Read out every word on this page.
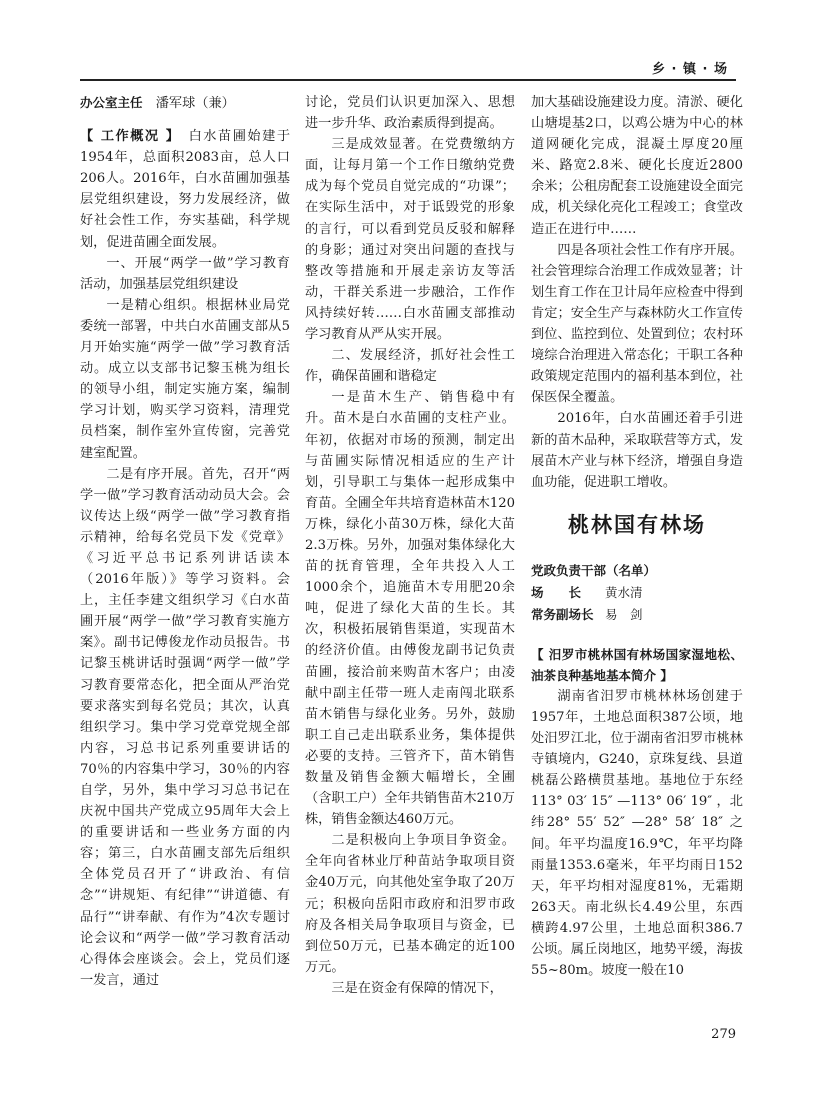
乡 · 镇 · 场

办公室主任　 潘军球（兼）

【 工作概况 】　 白水苗圃始建于1954年，总面积2083亩，总人口206人。2016年，白水苗圃加强基层党组织建设，努力发展经济，做好社会性工作，夯实基础，科学规划，促进苗圃全面发展。

一、开展“两学一做”学习教育活动，加强基层党组织建设

一是精心组织。根据林业局党委统一部署，中共白水苗圃支部从5月开始实施“两学一做”学习教育活动。成立以支部书记黎玉桃为组长的领导小组，制定实施方案，编制学习计划，购买学习资料，清理党员档案，制作室外宣传窗，完善党建室配置。

二是有序开展。首先，召开“两学一做”学习教育活动动员大会。会议传达上级“两学一做”学习教育指示精神，给每名党员下发《党章》《习近平总书记系列讲话读本（2016年版）》等学习资料。会上，主任李建文组织学习《白水苗圃开展“两学一做”学习教育实施方案》。副书记傅俊龙作动员报告。书记黎玉桃讲话时强调“两学一做”学习教育要常态化，把全面从严治党要求落实到每名党员；其次，认真组织学习。集中学习党章党规全部内容，习总书记系列重要讲话的70％的内容集中学习，30％的内容自学，另外，集中学习习总书记在庆祝中国共产党成立95周年大会上的重要讲话和一些业务方面的内容；第三，白水苗圃支部先后组织全体党员召开了“讲政治、有信念”“讲规矩、有纪律”“讲道德、有品行”“讲奉献、有作为”4次专题讨论会议和“两学一做”学习教育活动心得体会座谈会。会上，党员们逐一发言，通过

讨论，党员们认识更加深入、思想进一步升华、政治素质得到提高。

三是成效显著。在党费缴纳方面，让每月第一个工作日缴纳党费成为每个党员自觉完成的“功课”；在实际生活中，对于诋毁党的形象的言行，可以看到党员反驳和解释的身影；通过对突出问题的查找与整改等措施和开展走亲访友等活动，干群关系进一步融洽，工作作风持续好转……白水苗圃支部推动学习教育从严从实开展。

二、发展经济，抓好社会性工作，确保苗圃和谐稳定

一是苗木生产、销售稳中有升。苗木是白水苗圃的支柱产业。年初，依据对市场的预测，制定出与苗圃实际情况相适应的生产计划，引导职工与集体一起形成集中育苗。全圃全年共培育造林苗木120万株，绿化小苗30万株，绿化大苗2.3万株。另外，加强对集体绿化大苗的抚育管理，全年共投入人工1000余个，追施苗木专用肥20余吨，促进了绿化大苗的生长。其次，积极拓展销售渠道，实现苗木的经济价值。由傅俊龙副书记负责苗圃，接洽前来购苗木客户；由凌献中副主任带一班人走南闯北联系苗木销售与绿化业务。另外，鼓励职工自己走出联系业务，集体提供必要的支持。三管齐下，苗木销售数量及销售金额大幅增长，全圃（含职工户）全年共销售苗木210万株，销售金额达460万元。

二是积极向上争项目争资金。全年向省林业厅种苗站争取项目资金40万元，向其他处室争取了20万元；积极向岳阳市政府和汨罗市政府及各相关局争取项目与资金，已到位50万元，已基本确定的近100万元。

三是在资金有保障的情况下，

加大基础设施建设力度。清淤、硬化山塘堤基2口，以鸡公塘为中心的林道网硬化完成，混凝土厚度20厘米、路宽2.8米、硬化长度近2800余米；公租房配套工设施建设全面完成，机关绿化亮化工程竣工；食堂改造正在进行中……

四是各项社会性工作有序开展。社会管理综合治理工作成效显著；计划生育工作在卫计局年应检查中得到肯定；安全生产与森林防火工作宣传到位、监控到位、处置到位；农村环境综合治理进入常态化；干职工各种政策规定范围内的福利基本到位，社保医保全覆盖。

2016年，白水苗圃还着手引进新的苗木品种，采取联营等方式，发展苗木产业与林下经济，增强自身造血功能，促进职工增收。

桃林国有林场
党政负责干部（名单）
场　　长 黄水清
常务副场长 易　剑

【 汨罗市桃林国有林场国家湿地松、油茶良种基地基本简介 】

湖南省汨罗市桃林林场创建于1957年，土地总面积387公顷，地处汨罗江北，位于湖南省汨罗市桃林寺镇境内，G240，京珠复线、县道桃磊公路横贯基地。基地位于东经113° 03′ 15″ —113° 06′ 19″ ，北纬28° 55′ 52″ —28° 58′ 18″ 之间。年平均温度16.9℃，年平均降雨量1353.6毫米，年平均雨日152天，年平均相对湿度81%，无霜期263天。南北纵长4.49公里，东西横跨4.97公里，土地总面积386.7公顷。属丘岗地区，地势平缓，海拔55~80m。坡度一般在10

279
